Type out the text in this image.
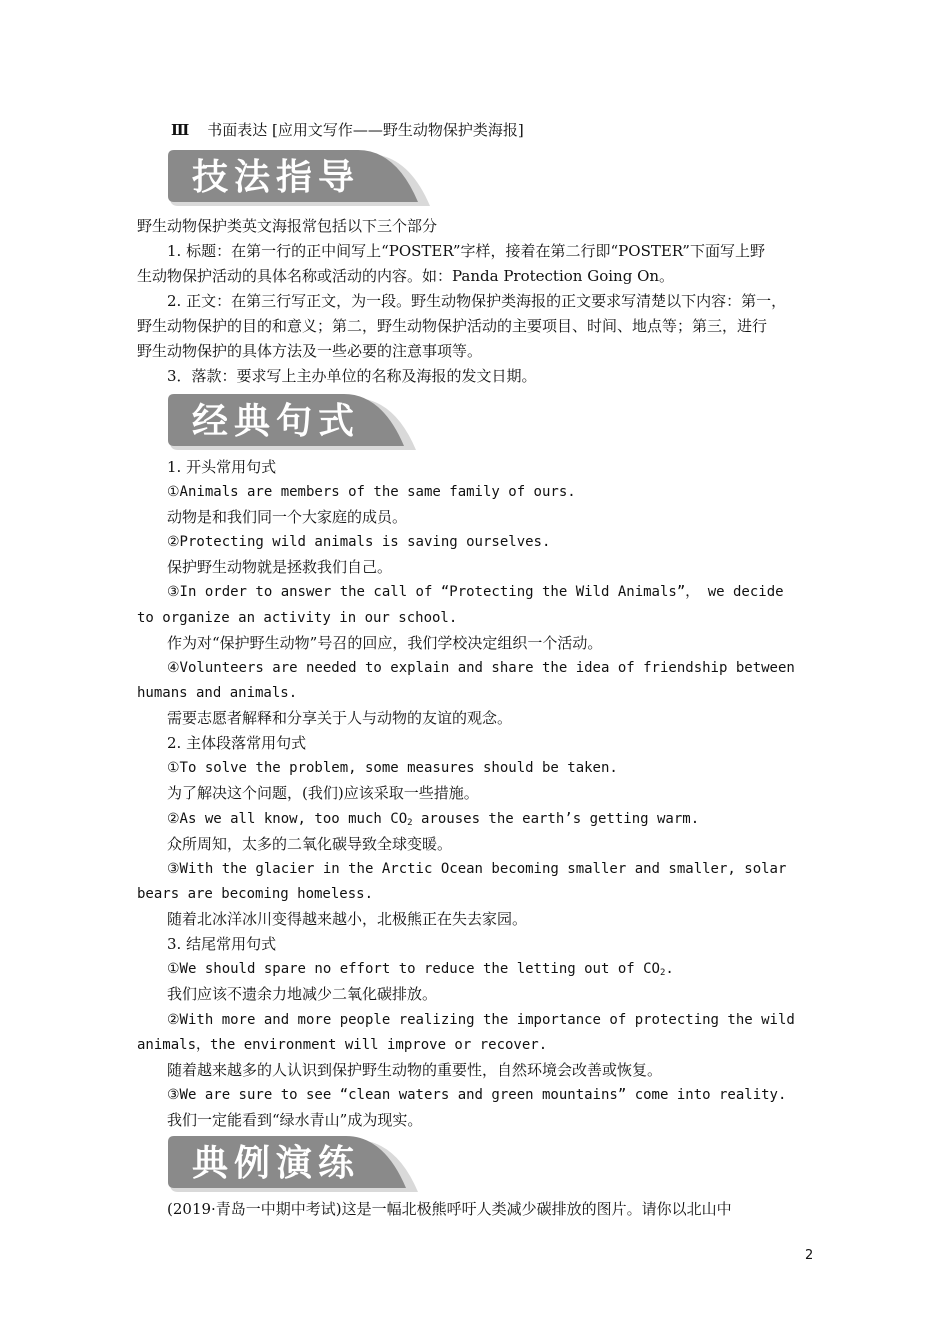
Ⅲ 书面表达 [应用文写作——野生动物保护类海报]
技法指导
野生动物保护类英文海报常包括以下三个部分
1. 标题：在第一行的正中间写上“POSTER”字样，接着在第二行即“POSTER”下面写上野
生动物保护活动的具体名称或活动的内容。如：Panda Protection Going On。
2. 正文：在第三行写正文，为一段。野生动物保护类海报的正文要求写清楚以下内容：第一，
野生动物保护的目的和意义；第二，野生动物保护活动的主要项目、时间、地点等；第三，进行
野生动物保护的具体方法及一些必要的注意事项等。
3．落款：要求写上主办单位的名称及海报的发文日期。
经典句式
1. 开头常用句式
①Animals are members of the same family of ours.
动物是和我们同一个大家庭的成员。
②Protecting wild animals is saving ourselves.
保护野生动物就是拯救我们自己。
③In order to answer the call of “Protecting the Wild Animals”， we decide
to organize an activity in our school.
作为对“保护野生动物”号召的回应，我们学校决定组织一个活动。
④Volunteers are needed to explain and share the idea of friendship between
humans and animals.
需要志愿者解释和分享关于人与动物的友谊的观念。
2. 主体段落常用句式
①To solve the problem, some measures should be taken.
为了解决这个问题，(我们)应该采取一些措施。
②As we all know, too much $CO_2$ arouses the earth’s getting warm.
众所周知，太多的二氧化碳导致全球变暖。
③With the glacier in the Arctic Ocean becoming smaller and smaller, solar
bears are becoming homeless.
随着北冰洋冰川变得越来越小，北极熊正在失去家园。
3. 结尾常用句式
①We should spare no effort to reduce the letting out of $CO_2$.
我们应该不遗余力地减少二氧化碳排放。
②With more and more people realizing the importance of protecting the wild
animals，the environment will improve or recover.
随着越来越多的人认识到保护野生动物的重要性，自然环境会改善或恢复。
③We are sure to see “clean waters and green mountains” come into reality.
我们一定能看到“绿水青山”成为现实。
典例演练
(2019·青岛一中期中考试)这是一幅北极熊呼吁人类减少碳排放的图片。请你以北山中
2
